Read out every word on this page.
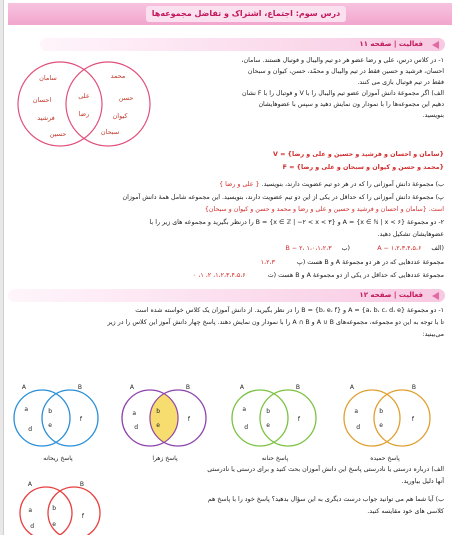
درس سوم: اجتماع، اشتراک و تفاضل مجموعه‌ها
فعالیت | صفحه ۱۱
سامان
احسان
فرشید
حسین
علی
رضا
محمد
حسن
کیوان
سبحان
۱- در کلاس درس، علی و رضا عضو هر دو تیم والیبال و فوتبال هستند. سامان،
احسان، فرشید و حسین فقط در تیم والیبال و محمّد، حسن، کیوان و سبحان
فقط در تیم فوتبال بازی می کنند.
الف) اگر مجموعهٔ دانش آموزان عضو تیم والیبال را با V و فوتبال را با F نشان
دهیم این مجموعه‌ها را با نمودار ون نمایش دهید و سپس با عضوهایشان
بنویسید.
{سامان و احسان و فرشید و حسین و علی و رضا} = V
{محمد و حسن و کیوان و سبحان و علی و رضا} = F
ب) مجموعهٔ دانش آموزانی را که در هر دو تیم عضویت دارند، بنویسید. { علی و رضا }
پ) مجموعهٔ دانش آموزانی را که حداقل در یکی از این دو تیم عضویت دارند، بنویسید. این مجموعه شامل همهٔ دانش آموزان
است. {سامان و احسان و فرشید و حسین و علی و رضا و محمد و حسن و کیوان و سبحان}
۲- دو مجموعهٔ A = {x ∈ ℕ | x < ۶} و B = {x ∈ ℤ | −۲ < x < ۳} را درنظر بگیرید و مجموعه های زیر را با
عضوهایشان تشکیل دهید.
(الف A − ۱،۲،۳،۴،۵،۶
(ب B − ۲، ۱،۰،۱،۲،۳
مجموعهٔ عددهایی که در هر دو مجموعهٔ A و B هست (پ ۱،۲،۳
مجموعهٔ عددهایی که حداقل در یکی از دو مجموعهٔ A و B هست (ت ۱،۲،۳،۴،۵،۶، ۲، ۱، ۰
فعالیت | صفحه ۱۲
۱- دو مجموعهٔ A = {a، b، c، d، e} و B = {b، e، f} را در نظر بگیرید. از دانش آموزان یک کلاس خواسته شده است
تا با توجه به این دو مجموعه، مجموعه‌های A ∪ B و A ∩ B را با نمودار ون نمایش دهند. پاسخ چهار دانش آموز این کلاس را در زیر
می‌بینید:
A	B
a
d
b
e
f
A	B
b
e
a
d
f
A	B
a
d
b
e
f
A	B
a
d
b
e
f
پاسخ ریحانه	پاسخ زهرا	پاسخ حنانه	پاسخ حمیده
A	B
a
d
b
e
f
الف) درباره درستی یا نادرستی پاسخ این دانش آموزان بحث کنید و برای درستی یا نادرستی
آنها دلیل بیاورید.
ب) آیا شما هم می توانید جواب درست دیگری به این سؤال بدهید؟ پاسخ خود را با پاسخ هم
کلاسی های خود مقایسه کنید.
